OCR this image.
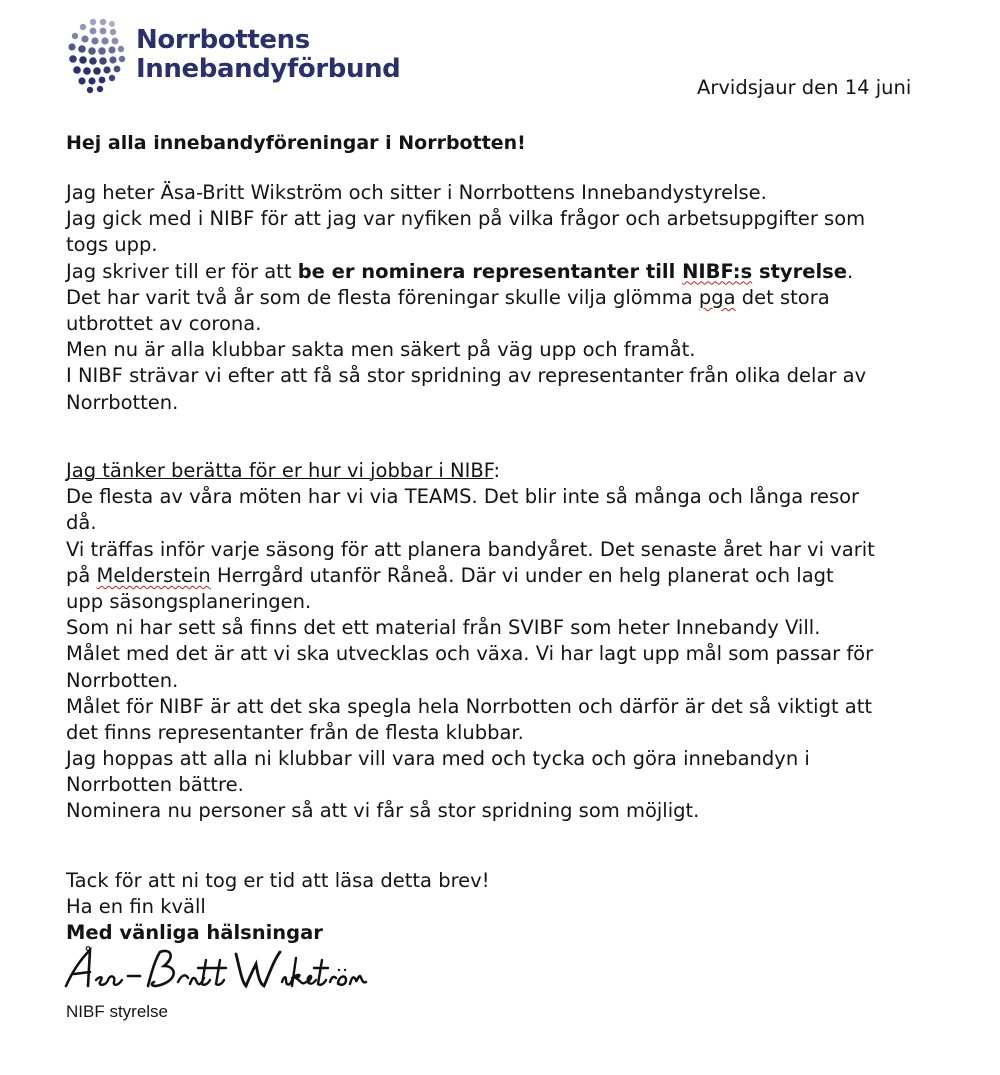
Norrbottens
Innebandyförbund
Arvidsjaur den 14 juni
Hej alla innebandyföreningar i Norrbotten!
Jag heter Äsa-Britt Wikström och sitter i Norrbottens Innebandystyrelse.
Jag gick med i NIBF för att jag var nyfiken på vilka frågor och arbetsuppgifter som
togs upp.
Jag skriver till er för att be er nominera representanter till NIBF:s styrelse.
Det har varit två år som de flesta föreningar skulle vilja glömma pga det stora
utbrottet av corona.
Men nu är alla klubbar sakta men säkert på väg upp och framåt.
I NIBF strävar vi efter att få så stor spridning av representanter från olika delar av
Norrbotten.
Jag tänker berätta för er hur vi jobbar i NIBF:
De flesta av våra möten har vi via TEAMS. Det blir inte så många och långa resor
då.
Vi träffas inför varje säsong för att planera bandyåret. Det senaste året har vi varit
på Melderstein Herrgård utanför Råneå. Där vi under en helg planerat och lagt
upp säsongsplaneringen.
Som ni har sett så finns det ett material från SVIBF som heter Innebandy Vill.
Målet med det är att vi ska utvecklas och växa. Vi har lagt upp mål som passar för
Norrbotten.
Målet för NIBF är att det ska spegla hela Norrbotten och därför är det så viktigt att
det finns representanter från de flesta klubbar.
Jag hoppas att alla ni klubbar vill vara med och tycka och göra innebandyn i
Norrbotten bättre.
Nominera nu personer så att vi får så stor spridning som möjligt.
Tack för att ni tog er tid att läsa detta brev!
Ha en fin kväll
Med vänliga hälsningar
NIBF styrelse
